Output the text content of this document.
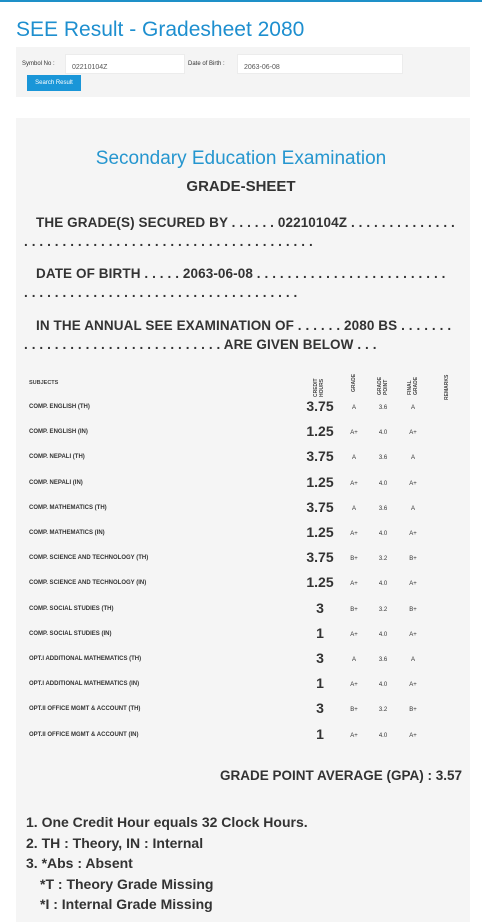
SEE Result - Gradesheet 2080
Symbol No :
02210104Z	Date of Birth :
2063-06-08
Search Result
Secondary Education Examination
GRADE-SHEET
THE GRADE(S) SECURED BY . . . . . . 02210104Z . . . . . . . . . . . . . .
. . . . . . . . . . . . . . . . . . . . . . . . . . . . . . . . . . . . . .
DATE OF BIRTH . . . . . 2063-06-08 . . . . . . . . . . . . . . . . . . . . . . . . .
. . . . . . . . . . . . . . . . . . . . . . . . . . . . . . . . . . . .
IN THE ANNUAL SEE EXAMINATION OF . . . . . . 2080 BS . . . . . . .
. . . . . . . . . . . . . . . . . . . . . . . . . . ARE GIVEN BELOW . . .
SUBJECTS	CREDIT HOURS	GRADE	GRADE POINT	FINAL GRADE	REMARKS
COMP. ENGLISH (TH)	3.75	A	3.6	A
COMP. ENGLISH (IN)	1.25	A+	4.0	A+
COMP. NEPALI (TH)	3.75	A	3.6	A
COMP. NEPALI (IN)	1.25	A+	4.0	A+
COMP. MATHEMATICS (TH)	3.75	A	3.6	A
COMP. MATHEMATICS (IN)	1.25	A+	4.0	A+
COMP. SCIENCE AND TECHNOLOGY (TH)	3.75	B+	3.2	B+
COMP. SCIENCE AND TECHNOLOGY (IN)	1.25	A+	4.0	A+
COMP. SOCIAL STUDIES (TH)	3	B+	3.2	B+
COMP. SOCIAL STUDIES (IN)	1	A+	4.0	A+
OPT.I ADDITIONAL MATHEMATICS (TH)	3	A	3.6	A
OPT.I ADDITIONAL MATHEMATICS (IN)	1	A+	4.0	A+
OPT.II OFFICE MGMT & ACCOUNT (TH)	3	B+	3.2	B+
OPT.II OFFICE MGMT & ACCOUNT (IN)	1	A+	4.0	A+
GRADE POINT AVERAGE (GPA) : 3.57
1. One Credit Hour equals 32 Clock Hours.
2. TH : Theory, IN : Internal
3. *Abs : Absent
*T : Theory Grade Missing
*I : Internal Grade Missing
